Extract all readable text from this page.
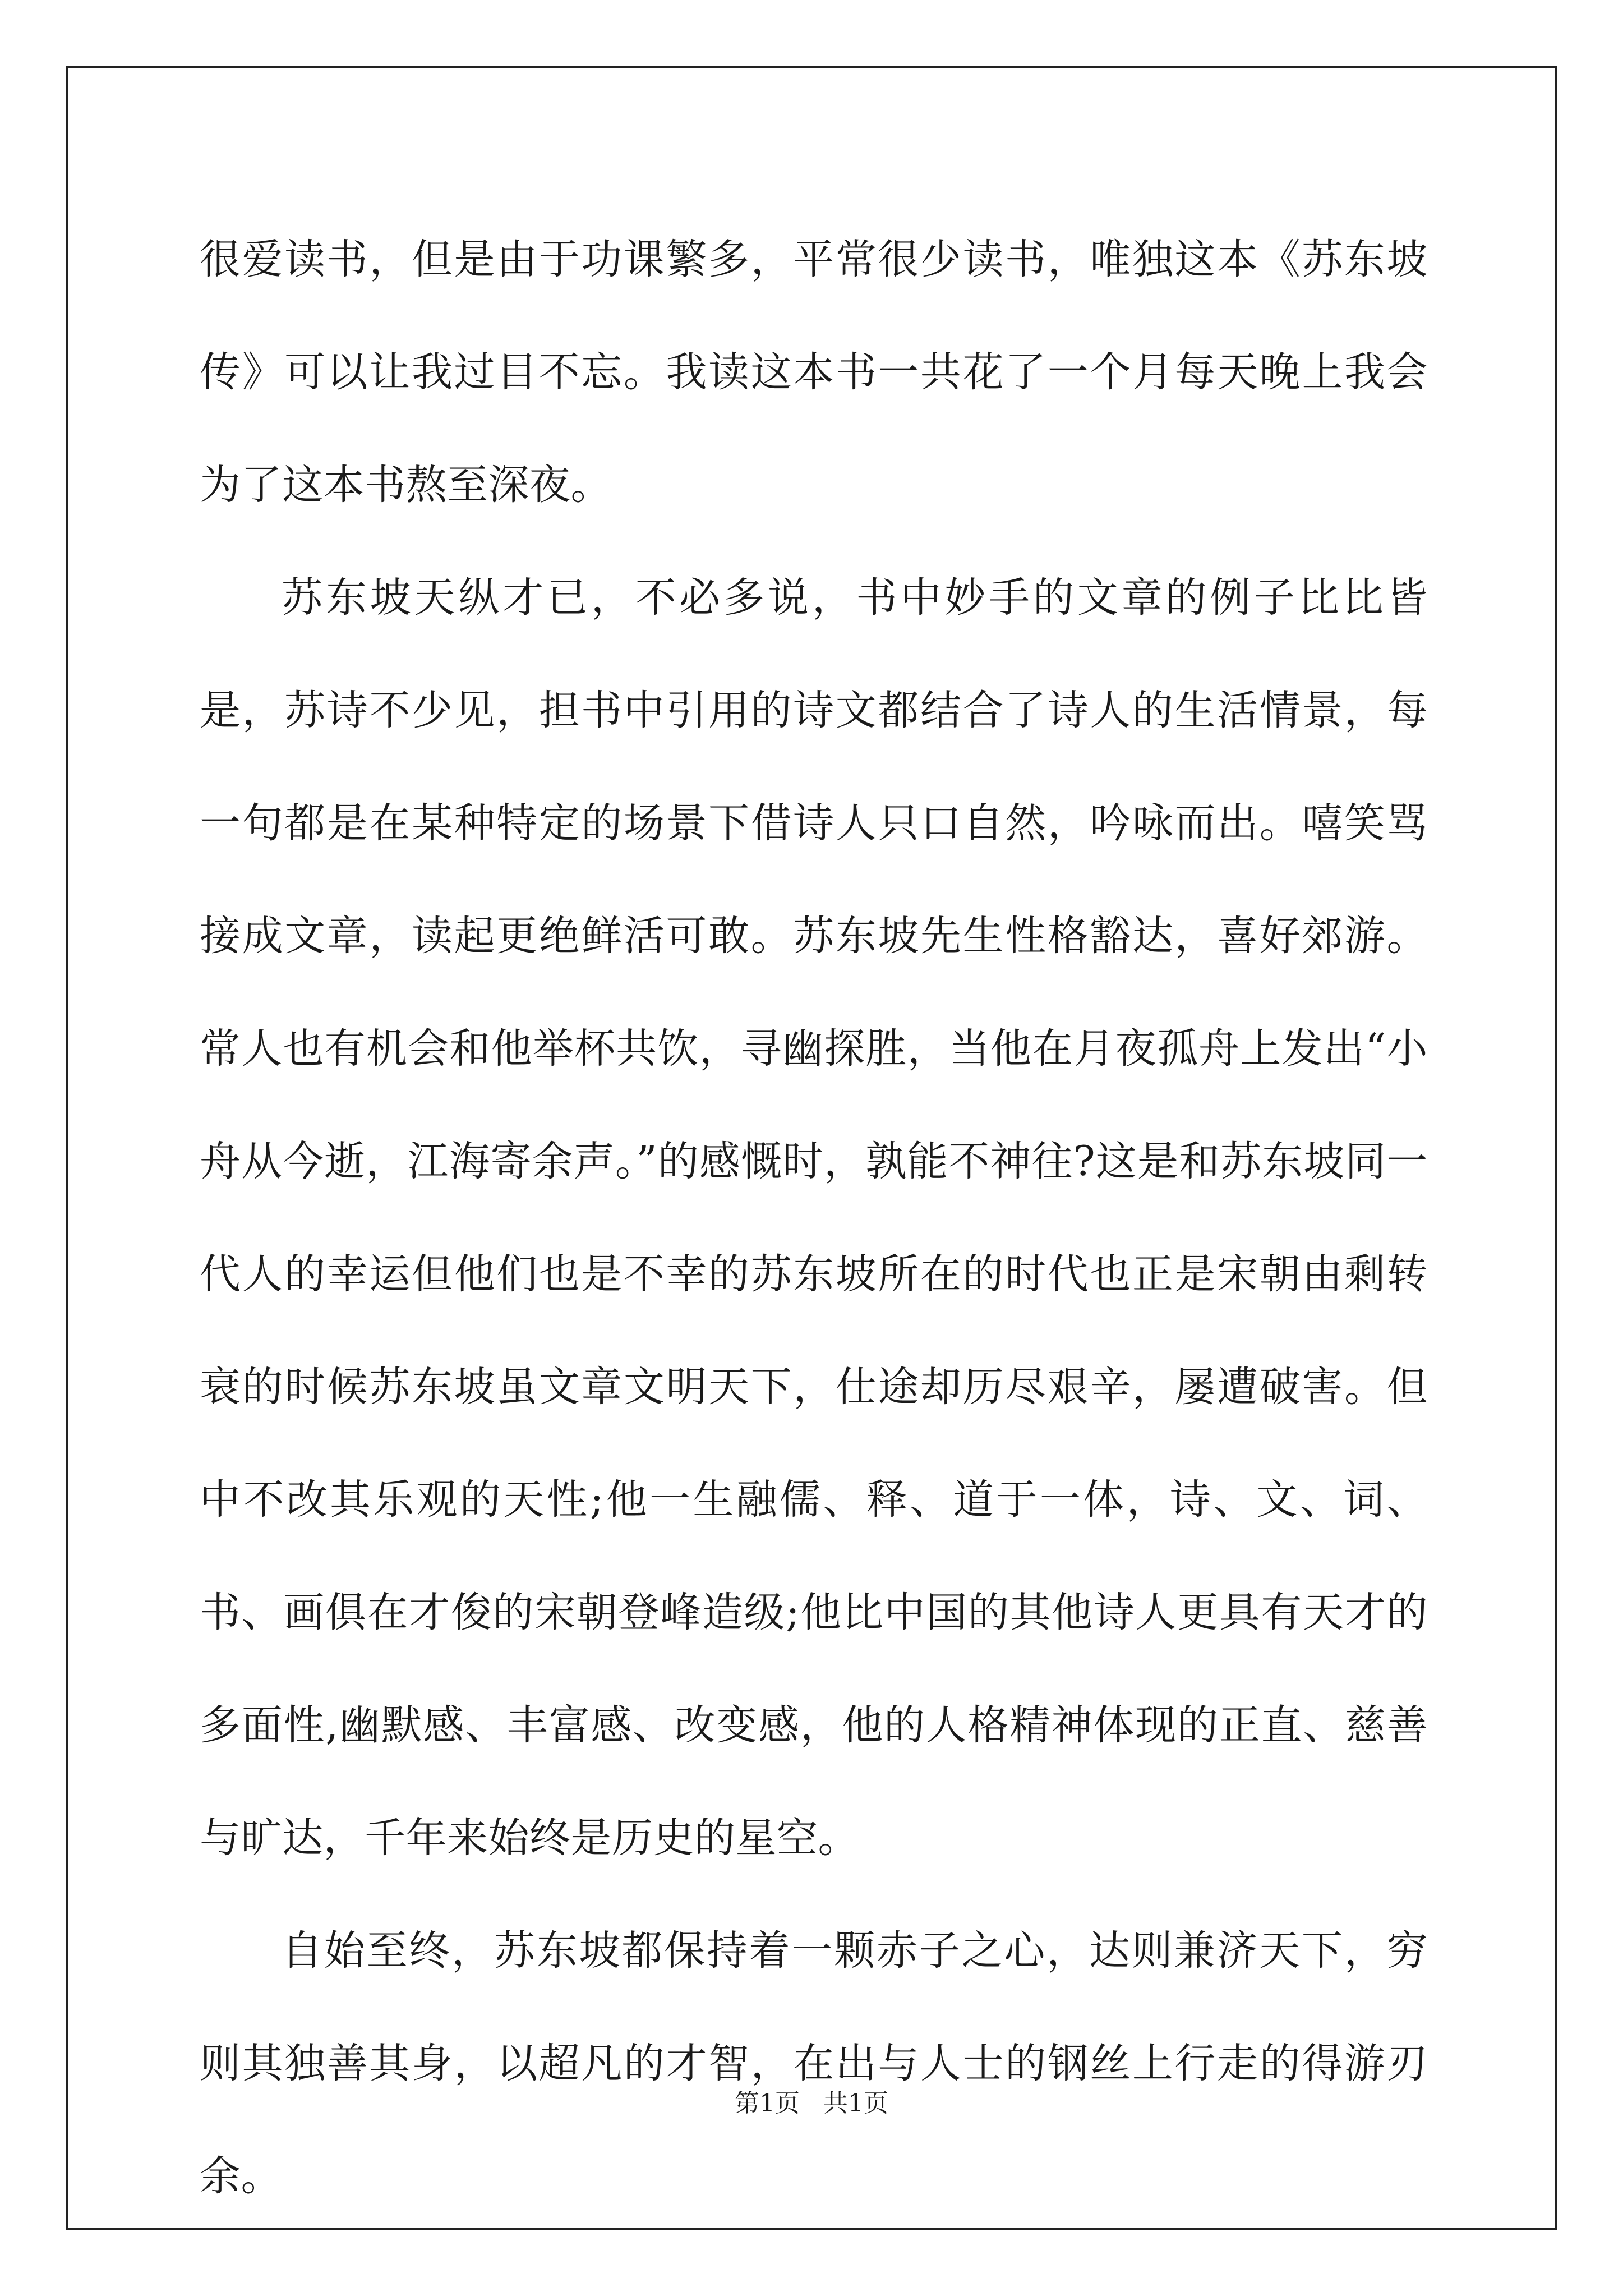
很爱读书，但是由于功课繁多，平常很少读书，唯独这本《苏东坡传》可以让我过目不忘。我读这本书一共花了一个月每天晚上我会为了这本书熬至深夜。

苏东坡天纵才已，不必多说，书中妙手的文章的例子比比皆是，苏诗不少见，担书中引用的诗文都结合了诗人的生活情景，每一句都是在某种特定的场景下借诗人只口自然，吟咏而出。嘻笑骂接成文章，读起更绝鲜活可敢。苏东坡先生性格豁达，喜好郊游。常人也有机会和他举杯共饮，寻幽探胜，当他在月夜孤舟上发出“小舟从今逝，江海寄余声。”的感慨时，孰能不神往?这是和苏东坡同一代人的幸运但他们也是不幸的苏东坡所在的时代也正是宋朝由剩转衰的时候苏东坡虽文章文明天下，仕途却历尽艰辛，屡遭破害。但中不改其乐观的天性;他一生融儒、释、道于一体，诗、文、词、书、画俱在才俊的宋朝登峰造级;他比中国的其他诗人更具有天才的多面性,幽默感、丰富感、改变感，他的人格精神体现的正直、慈善与旷达，千年来始终是历史的星空。

自始至终，苏东坡都保持着一颗赤子之心，达则兼济天下，穷则其独善其身，以超凡的才智，在出与人士的钢丝上行走的得游刃余。

第1页   共1页
